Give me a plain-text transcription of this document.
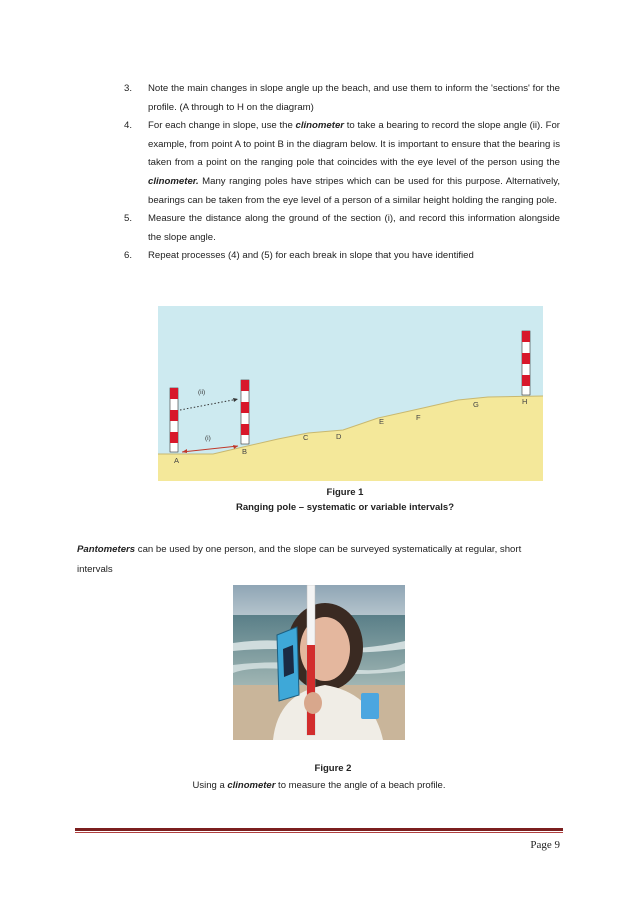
3.	Note the main changes in slope angle up the beach, and use them to inform the 'sections' for the profile. (A through to H on the diagram)
4.	For each change in slope, use the clinometer to take a bearing to record the slope angle (ii). For example, from point A to point B in the diagram below. It is important to ensure that the bearing is taken from a point on the ranging pole that coincides with the eye level of the person using the clinometer. Many ranging poles have stripes which can be used for this purpose. Alternatively, bearings can be taken from the eye level of a person of a similar height holding the ranging pole.
5.	Measure the distance along the ground of the section (i), and record this information alongside the slope angle.
6.	Repeat processes (4) and (5) for each break in slope that you have identified
(ii)
(i)
A
B
C	D
E	F
G	H
Figure 1
Ranging pole – systematic or variable intervals?
Pantometers can be used by one person, and the slope can be surveyed systematically at regular, short intervals
Figure 2
Using a clinometer to measure the angle of a beach profile.
Page 9
